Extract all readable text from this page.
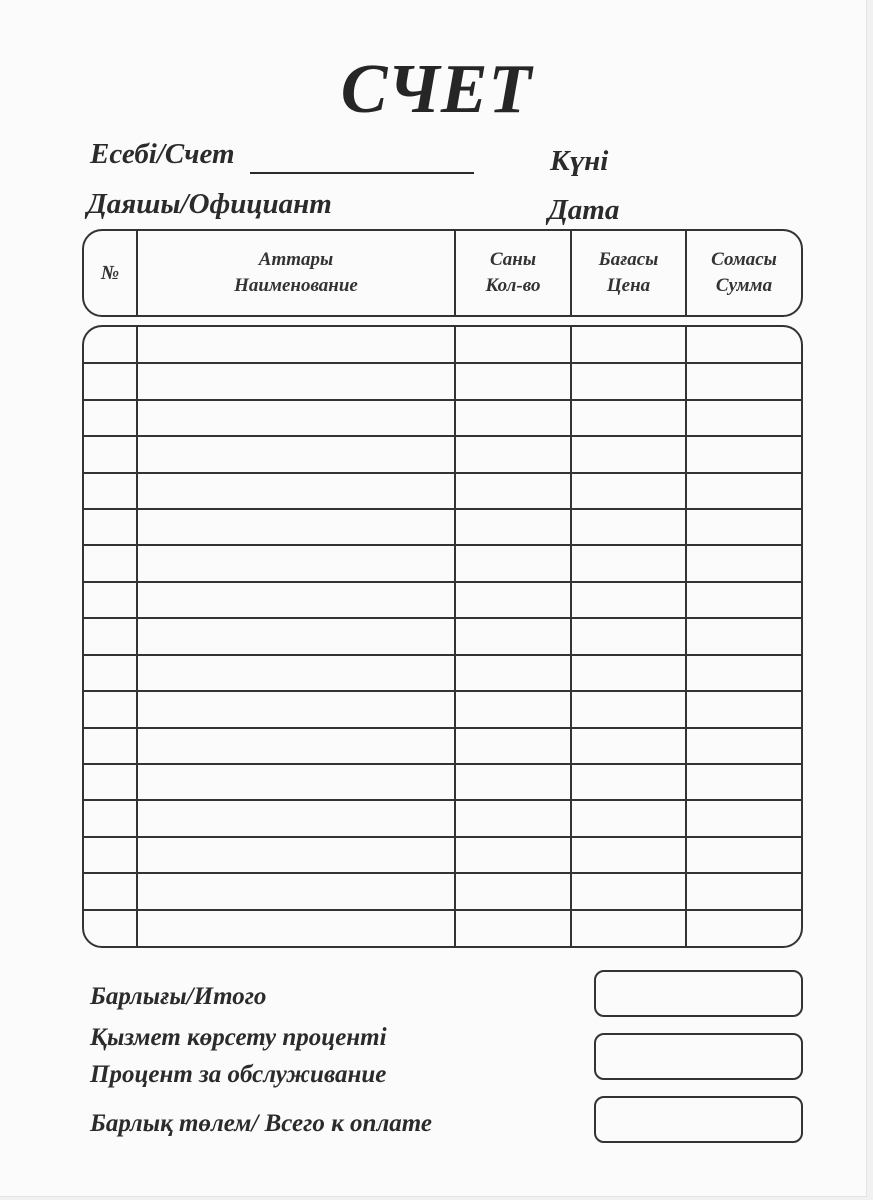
СЧЕТ
Есебі/Счет	Күні
Даяшы/Официант	Дата
№
Аттары
Наименование
Саны
Кол-во
Бағасы
Цена
Сомасы
Сумма
Барлығы/Итого
Қызмет көрсету проценті
Процент за обслуживание
Барлық төлем/ Всего к оплате
